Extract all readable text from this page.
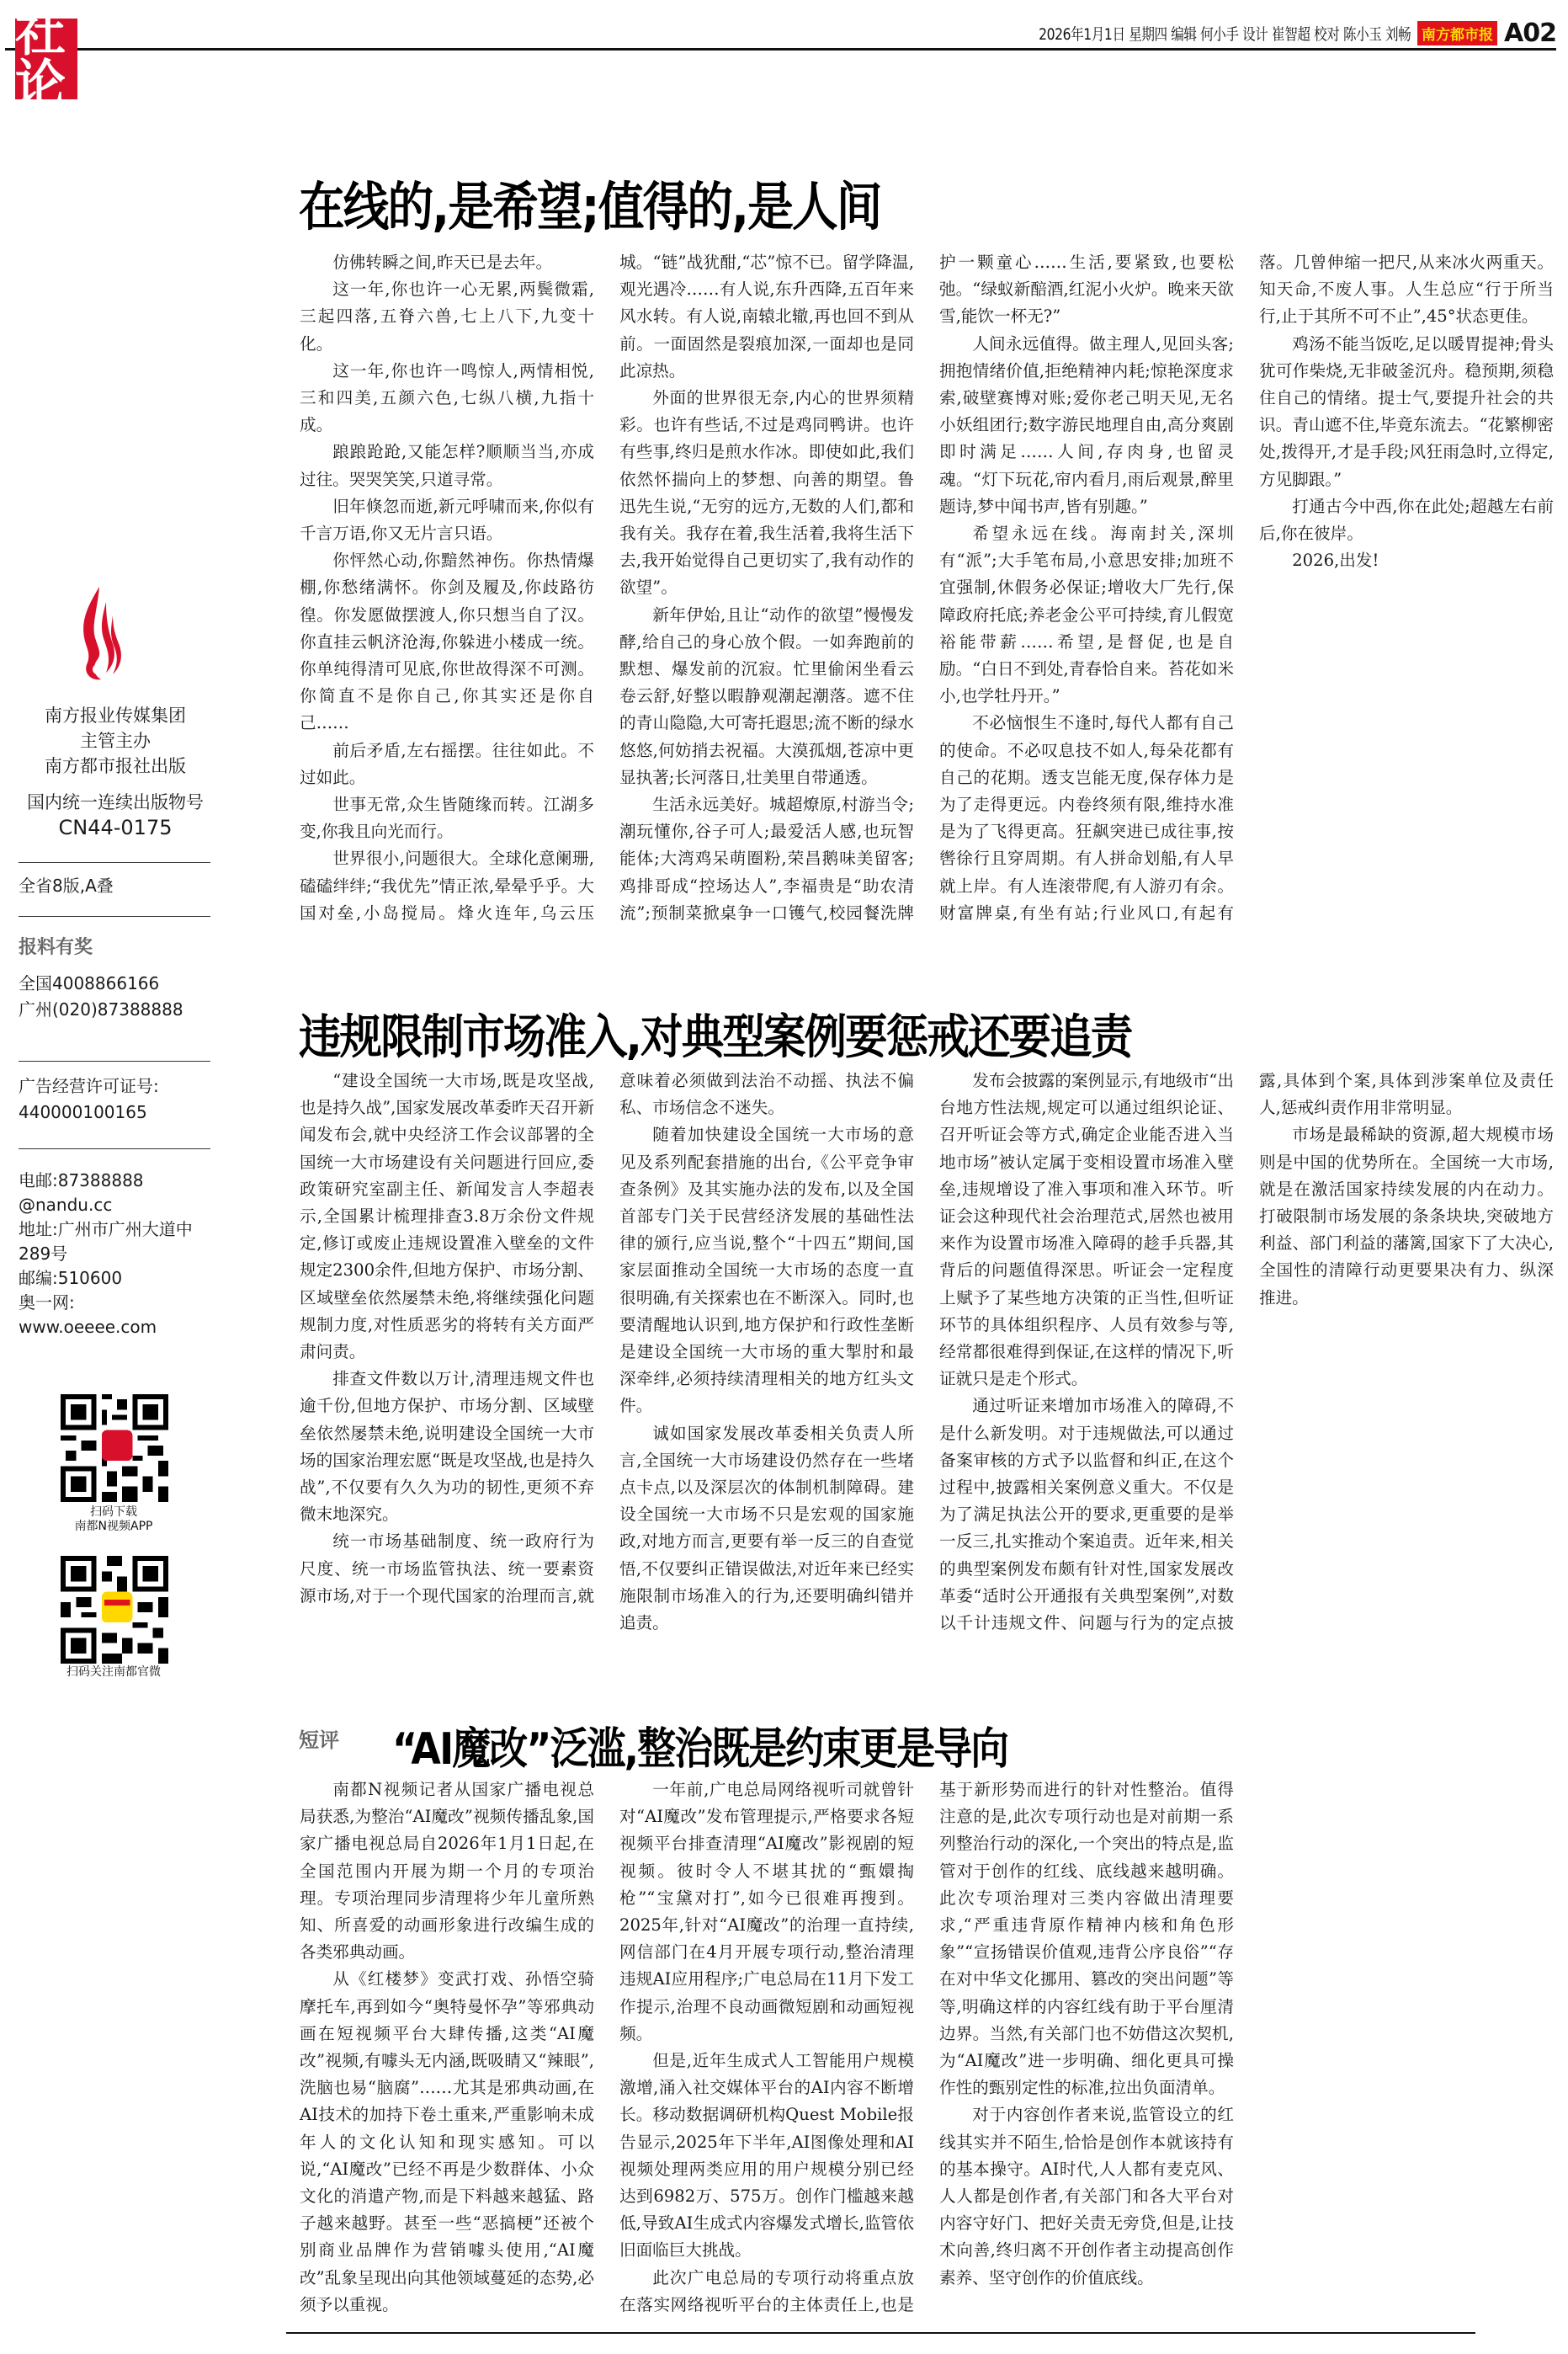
社论
2026年1月1日 星期四 编辑 何小手 设计 崔智超 校对 陈小玉 刘畅 南方都市报 A02
南方报业传媒集团
主管主办
南方都市报社出版
国内统一连续出版物号
CN44-0175
全省8版,A叠
报料有奖
全国4008866166
广州(020)87388888
广告经营许可证号:
440000100165
电邮:87388888
@nandu.cc
地址:广州市广州大道中
289号
邮编:510600
奥一网:
www.oeeee.com
扫码下载
南都N视频APP
扫码关注南都官微
在线的,是希望;值得的,是人间

仿佛转瞬之间,昨天已是去年。

这一年,你也许一心无累,两鬓微霜,三起四落,五脊六兽,七上八下,九变十化。

这一年,你也许一鸣惊人,两情相悦,三和四美,五颜六色,七纵八横,九指十成。

踉踉跄跄,又能怎样?顺顺当当,亦成过往。哭哭笑笑,只道寻常。

旧年倏忽而逝,新元呼啸而来,你似有千言万语,你又无片言只语。

你怦然心动,你黯然神伤。你热情爆棚,你愁绪满怀。你剑及履及,你歧路彷徨。你发愿做摆渡人,你只想当自了汉。你直挂云帆济沧海,你躲进小楼成一统。你单纯得清可见底,你世故得深不可测。你简直不是你自己,你其实还是你自己……

前后矛盾,左右摇摆。往往如此。不过如此。

世事无常,众生皆随缘而转。江湖多变,你我且向光而行。

世界很小,问题很大。全球化意阑珊,磕磕绊绊;“我优先”情正浓,晕晕乎乎。大国对垒,小岛搅局。烽火连年,乌云压城。“链”战犹酣,“芯”惊不已。留学降温,观光遇冷……有人说,东升西降,五百年来风水转。有人说,南辕北辙,再也回不到从前。一面固然是裂痕加深,一面却也是同此凉热。

外面的世界很无奈,内心的世界须精彩。也许有些话,不过是鸡同鸭讲。也许有些事,终归是煎水作冰。即使如此,我们依然怀揣向上的梦想、向善的期望。鲁迅先生说,“无穷的远方,无数的人们,都和我有关。我存在着,我生活着,我将生活下去,我开始觉得自己更切实了,我有动作的欲望”。

新年伊始,且让“动作的欲望”慢慢发酵,给自己的身心放个假。一如奔跑前的默想、爆发前的沉寂。忙里偷闲坐看云卷云舒,好整以暇静观潮起潮落。遮不住的青山隐隐,大可寄托遐思;流不断的绿水悠悠,何妨捎去祝福。大漠孤烟,苍凉中更显执著;长河落日,壮美里自带通透。

生活永远美好。城超燎原,村游当令;潮玩懂你,谷子可人;最爱活人感,也玩智能体;大湾鸡呆萌圈粉,荣昌鹅味美留客;鸡排哥成“控场达人”,李福贵是“助农清流”;预制菜掀桌争一口镬气,校园餐洗牌护一颗童心……生活,要紧致,也要松弛。“绿蚁新醅酒,红泥小火炉。晚来天欲雪,能饮一杯无?”

人间永远值得。做主理人,见回头客;拥抱情绪价值,拒绝精神内耗;惊艳深度求索,破壁赛博对账;爱你老己明天见,无名小妖组团行;数字游民地理自由,高分爽剧即时满足……人间,存肉身,也留灵魂。“灯下玩花,帘内看月,雨后观景,醉里题诗,梦中闻书声,皆有别趣。”

希望永远在线。海南封关,深圳有“派”;大手笔布局,小意思安排;加班不宜强制,休假务必保证;增收大厂先行,保障政府托底;养老金公平可持续,育儿假宽裕能带薪……希望,是督促,也是自励。“白日不到处,青春恰自来。苔花如米小,也学牡丹开。”

不必恼恨生不逢时,每代人都有自己的使命。不必叹息技不如人,每朵花都有自己的花期。透支岂能无度,保存体力是为了走得更远。内卷终须有限,维持水准是为了飞得更高。狂飙突进已成往事,按辔徐行且穿周期。有人拼命划船,有人早就上岸。有人连滚带爬,有人游刃有余。财富牌桌,有坐有站;行业风口,有起有落。几曾伸缩一把尺,从来冰火两重天。知天命,不废人事。人生总应“行于所当行,止于其所不可不止”,45°状态更佳。

鸡汤不能当饭吃,足以暖胃提神;骨头犹可作柴烧,无非破釜沉舟。稳预期,须稳住自己的情绪。提士气,要提升社会的共识。青山遮不住,毕竟东流去。“花繁柳密处,拨得开,才是手段;风狂雨急时,立得定,方见脚跟。”

打通古今中西,你在此处;超越左右前后,你在彼岸。

2026,出发!

违规限制市场准入,对典型案例要惩戒还要追责

“建设全国统一大市场,既是攻坚战,也是持久战”,国家发展改革委昨天召开新闻发布会,就中央经济工作会议部署的全国统一大市场建设有关问题进行回应,委政策研究室副主任、新闻发言人李超表示,全国累计梳理排查3.8万余份文件规定,修订或废止违规设置准入壁垒的文件规定2300余件,但地方保护、市场分割、区域壁垒依然屡禁未绝,将继续强化问题规制力度,对性质恶劣的将转有关方面严肃问责。

排查文件数以万计,清理违规文件也逾千份,但地方保护、市场分割、区域壁垒依然屡禁未绝,说明建设全国统一大市场的国家治理宏愿“既是攻坚战,也是持久战”,不仅要有久久为功的韧性,更须不弃微末地深究。

统一市场基础制度、统一政府行为尺度、统一市场监管执法、统一要素资源市场,对于一个现代国家的治理而言,就意味着必须做到法治不动摇、执法不偏私、市场信念不迷失。

随着加快建设全国统一大市场的意见及系列配套措施的出台,《公平竞争审查条例》及其实施办法的发布,以及全国首部专门关于民营经济发展的基础性法律的颁行,应当说,整个“十四五”期间,国家层面推动全国统一大市场的态度一直很明确,有关探索也在不断深入。同时,也要清醒地认识到,地方保护和行政性垄断是建设全国统一大市场的重大掣肘和最深牵绊,必须持续清理相关的地方红头文件。

诚如国家发展改革委相关负责人所言,全国统一大市场建设仍然存在一些堵点卡点,以及深层次的体制机制障碍。建设全国统一大市场不只是宏观的国家施政,对地方而言,更要有举一反三的自查觉悟,不仅要纠正错误做法,对近年来已经实施限制市场准入的行为,还要明确纠错并追责。

发布会披露的案例显示,有地级市“出台地方性法规,规定可以通过组织论证、召开听证会等方式,确定企业能否进入当地市场”被认定属于变相设置市场准入壁垒,违规增设了准入事项和准入环节。听证会这种现代社会治理范式,居然也被用来作为设置市场准入障碍的趁手兵器,其背后的问题值得深思。听证会一定程度上赋予了某些地方决策的正当性,但听证环节的具体组织程序、人员有效参与等,经常都很难得到保证,在这样的情况下,听证就只是走个形式。

通过听证来增加市场准入的障碍,不是什么新发明。对于违规做法,可以通过备案审核的方式予以监督和纠正,在这个过程中,披露相关案例意义重大。不仅是为了满足执法公开的要求,更重要的是举一反三,扎实推动个案追责。近年来,相关的典型案例发布颇有针对性,国家发展改革委“适时公开通报有关典型案例”,对数以千计违规文件、问题与行为的定点披露,具体到个案,具体到涉案单位及责任人,惩戒纠责作用非常明显。

市场是最稀缺的资源,超大规模市场则是中国的优势所在。全国统一大市场,就是在激活国家持续发展的内在动力。打破限制市场发展的条条块块,突破地方利益、部门利益的藩篱,国家下了大决心,全国性的清障行动更要果决有力、纵深推进。

短评 “AI魔改”泛滥,整治既是约束更是导向

南都N视频记者从国家广播电视总局获悉,为整治“AI魔改”视频传播乱象,国家广播电视总局自2026年1月1日起,在全国范围内开展为期一个月的专项治理。专项治理同步清理将少年儿童所熟知、所喜爱的动画形象进行改编生成的各类邪典动画。

从《红楼梦》变武打戏、孙悟空骑摩托车,再到如今“奥特曼怀孕”等邪典动画在短视频平台大肆传播,这类“AI魔改”视频,有噱头无内涵,既吸睛又“辣眼”,洗脑也易“脑腐”……尤其是邪典动画,在AI技术的加持下卷土重来,严重影响未成年人的文化认知和现实感知。可以说,“AI魔改”已经不再是少数群体、小众文化的消遣产物,而是下料越来越猛、路子越来越野。甚至一些“恶搞梗”还被个别商业品牌作为营销噱头使用,“AI魔改”乱象呈现出向其他领域蔓延的态势,必须予以重视。

一年前,广电总局网络视听司就曾针对“AI魔改”发布管理提示,严格要求各短视频平台排查清理“AI魔改”影视剧的短视频。彼时令人不堪其扰的“甄嬛掏枪”“宝黛对打”,如今已很难再搜到。2025年,针对“AI魔改”的治理一直持续,网信部门在4月开展专项行动,整治清理违规AI应用程序;广电总局在11月下发工作提示,治理不良动画微短剧和动画短视频。

但是,近年生成式人工智能用户规模激增,涌入社交媒体平台的AI内容不断增长。移动数据调研机构Quest Mobile报告显示,2025年下半年,AI图像处理和AI视频处理两类应用的用户规模分别已经达到6982万、575万。创作门槛越来越低,导致AI生成式内容爆发式增长,监管依旧面临巨大挑战。

此次广电总局的专项行动将重点放在落实网络视听平台的主体责任上,也是基于新形势而进行的针对性整治。值得注意的是,此次专项行动也是对前期一系列整治行动的深化,一个突出的特点是,监管对于创作的红线、底线越来越明确。此次专项治理对三类内容做出清理要求,“严重违背原作精神内核和角色形象”“宣扬错误价值观,违背公序良俗”“存在对中华文化挪用、篡改的突出问题”等等,明确这样的内容红线有助于平台厘清边界。当然,有关部门也不妨借这次契机,为“AI魔改”进一步明确、细化更具可操作性的甄别定性的标准,拉出负面清单。

对于内容创作者来说,监管设立的红线其实并不陌生,恰恰是创作本就该持有的基本操守。AI时代,人人都有麦克风、人人都是创作者,有关部门和各大平台对内容守好门、把好关责无旁贷,但是,让技术向善,终归离不开创作者主动提高创作素养、坚守创作的价值底线。
